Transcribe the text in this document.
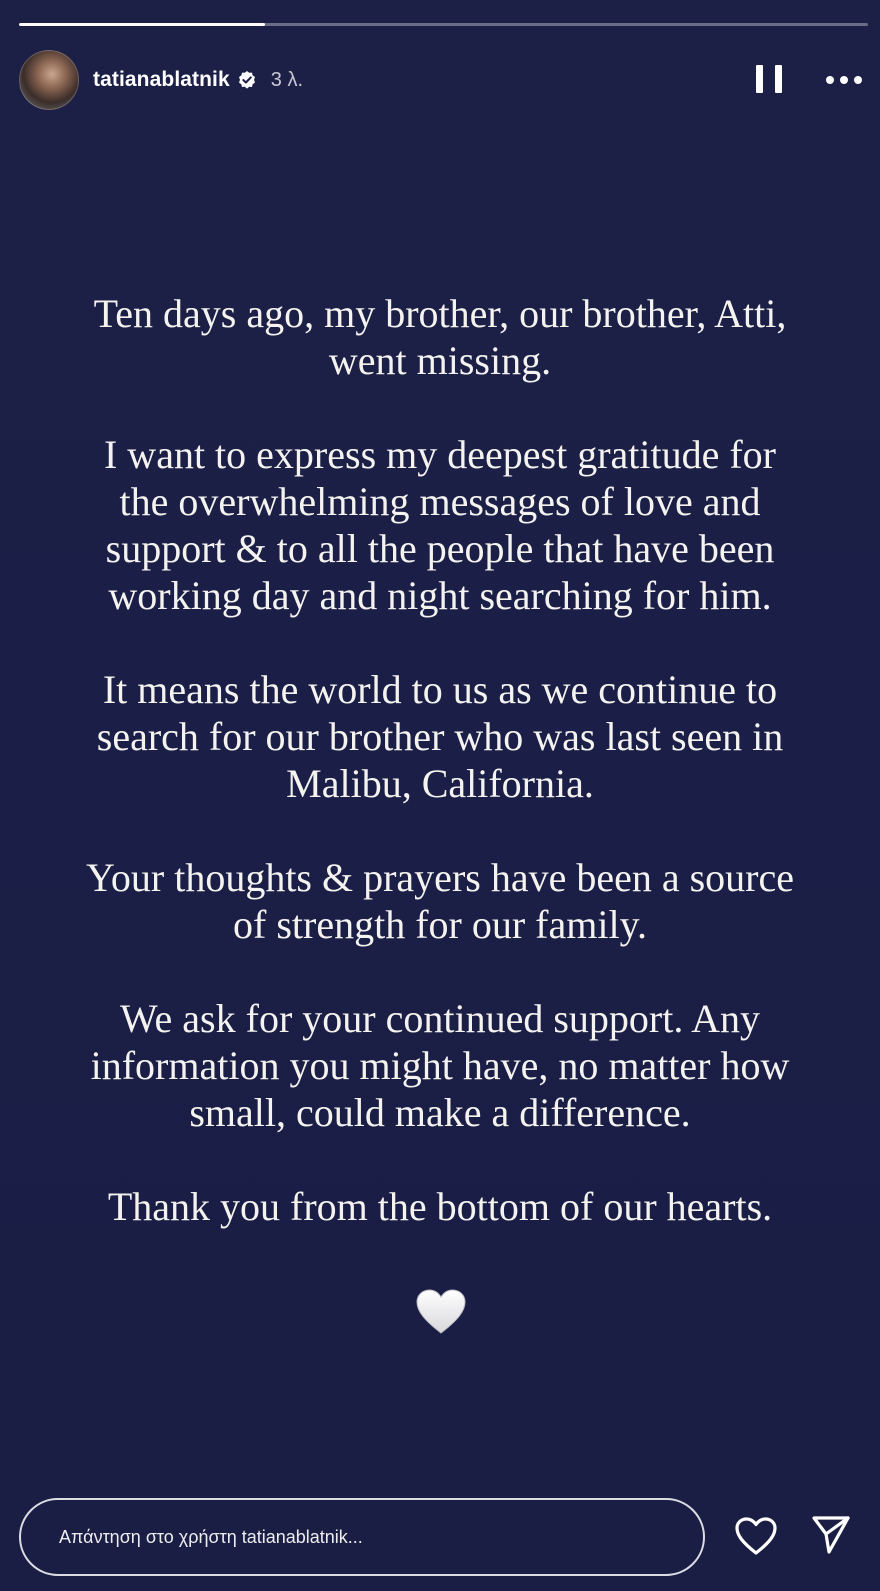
tatianablatnik 3 λ.

Ten days ago, my brother, our brother, Atti,
went missing.

I want to express my deepest gratitude for
the overwhelming messages of love and
support & to all the people that have been
working day and night searching for him.

It means the world to us as we continue to
search for our brother who was last seen in
Malibu, California.

Your thoughts & prayers have been a source
of strength for our family.

We ask for your continued support. Any
information you might have, no matter how
small, could make a difference.

Thank you from the bottom of our hearts.

Απάντηση στο χρήστη tatianablatnik...
